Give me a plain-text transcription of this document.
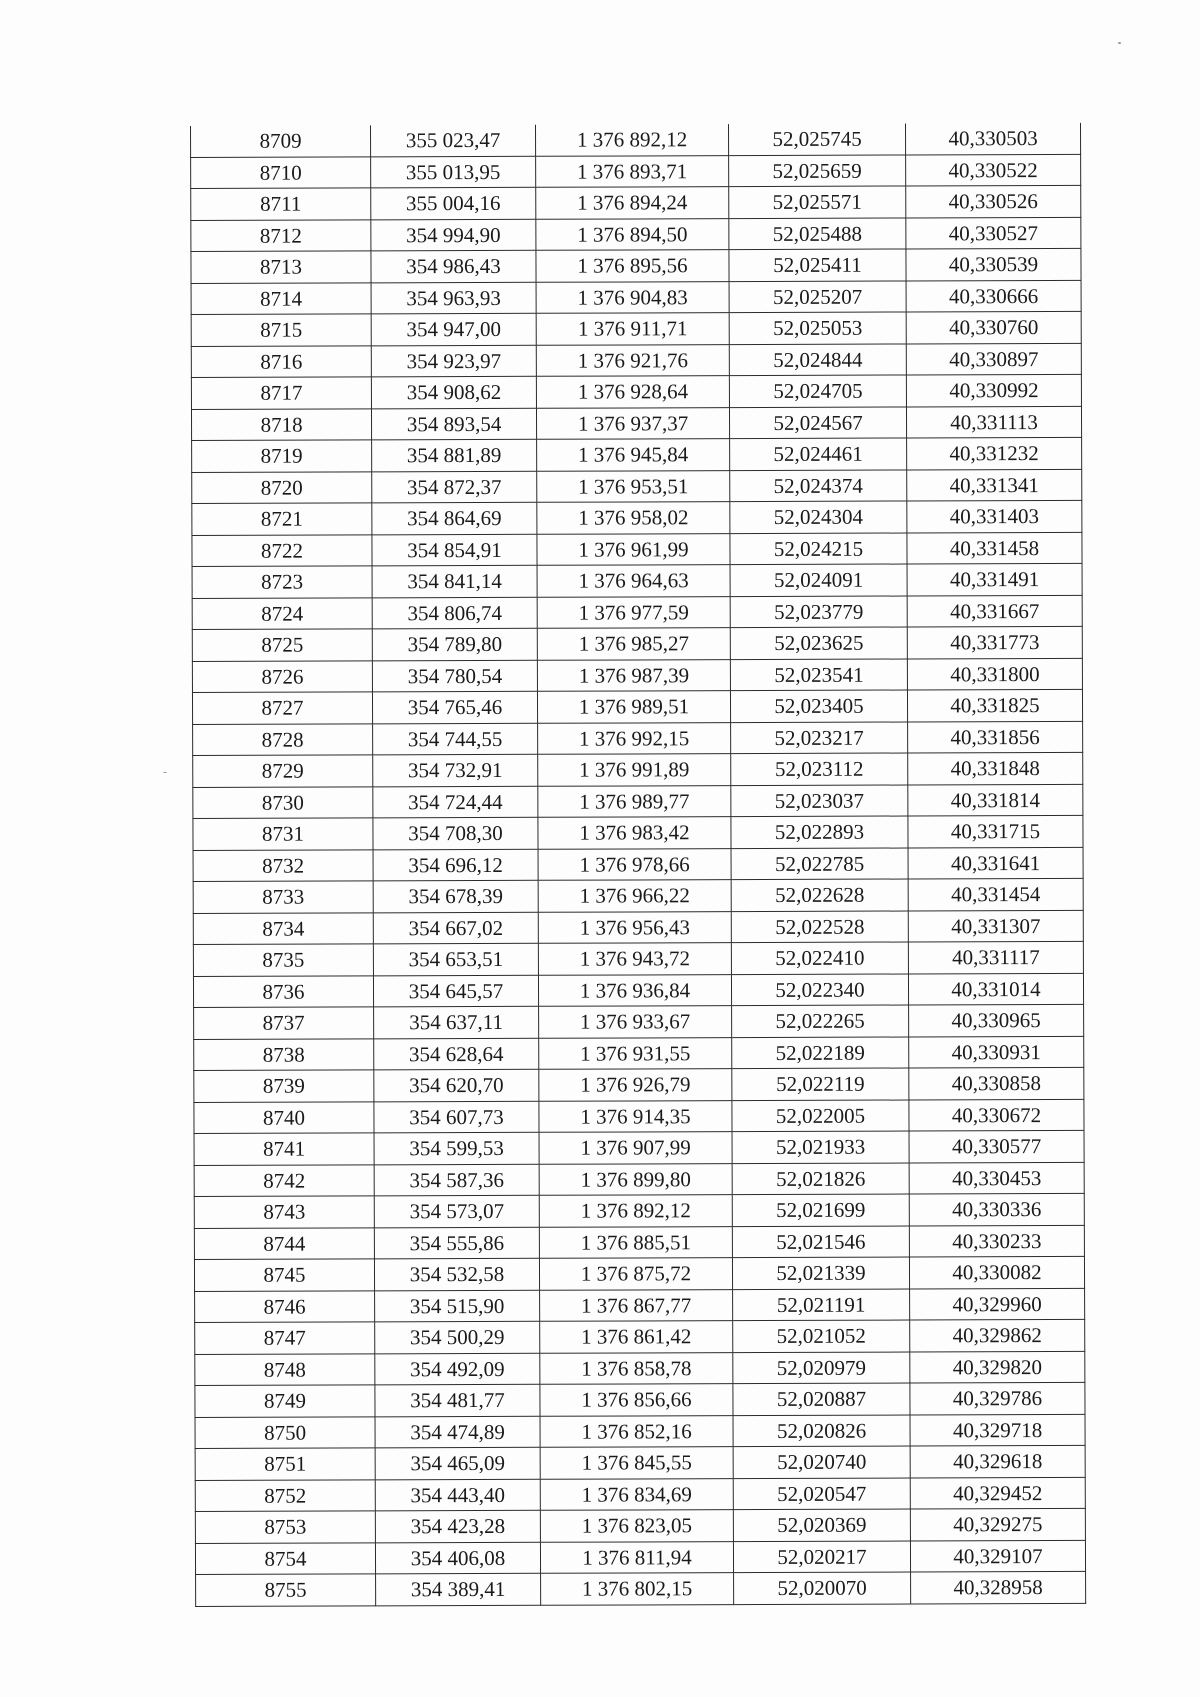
8709	355 023,47	1 376 892,12	52,025745	40,330503
8710	355 013,95	1 376 893,71	52,025659	40,330522
8711	355 004,16	1 376 894,24	52,025571	40,330526
8712	354 994,90	1 376 894,50	52,025488	40,330527
8713	354 986,43	1 376 895,56	52,025411	40,330539
8714	354 963,93	1 376 904,83	52,025207	40,330666
8715	354 947,00	1 376 911,71	52,025053	40,330760
8716	354 923,97	1 376 921,76	52,024844	40,330897
8717	354 908,62	1 376 928,64	52,024705	40,330992
8718	354 893,54	1 376 937,37	52,024567	40,331113
8719	354 881,89	1 376 945,84	52,024461	40,331232
8720	354 872,37	1 376 953,51	52,024374	40,331341
8721	354 864,69	1 376 958,02	52,024304	40,331403
8722	354 854,91	1 376 961,99	52,024215	40,331458
8723	354 841,14	1 376 964,63	52,024091	40,331491
8724	354 806,74	1 376 977,59	52,023779	40,331667
8725	354 789,80	1 376 985,27	52,023625	40,331773
8726	354 780,54	1 376 987,39	52,023541	40,331800
8727	354 765,46	1 376 989,51	52,023405	40,331825
8728	354 744,55	1 376 992,15	52,023217	40,331856
8729	354 732,91	1 376 991,89	52,023112	40,331848
8730	354 724,44	1 376 989,77	52,023037	40,331814
8731	354 708,30	1 376 983,42	52,022893	40,331715
8732	354 696,12	1 376 978,66	52,022785	40,331641
8733	354 678,39	1 376 966,22	52,022628	40,331454
8734	354 667,02	1 376 956,43	52,022528	40,331307
8735	354 653,51	1 376 943,72	52,022410	40,331117
8736	354 645,57	1 376 936,84	52,022340	40,331014
8737	354 637,11	1 376 933,67	52,022265	40,330965
8738	354 628,64	1 376 931,55	52,022189	40,330931
8739	354 620,70	1 376 926,79	52,022119	40,330858
8740	354 607,73	1 376 914,35	52,022005	40,330672
8741	354 599,53	1 376 907,99	52,021933	40,330577
8742	354 587,36	1 376 899,80	52,021826	40,330453
8743	354 573,07	1 376 892,12	52,021699	40,330336
8744	354 555,86	1 376 885,51	52,021546	40,330233
8745	354 532,58	1 376 875,72	52,021339	40,330082
8746	354 515,90	1 376 867,77	52,021191	40,329960
8747	354 500,29	1 376 861,42	52,021052	40,329862
8748	354 492,09	1 376 858,78	52,020979	40,329820
8749	354 481,77	1 376 856,66	52,020887	40,329786
8750	354 474,89	1 376 852,16	52,020826	40,329718
8751	354 465,09	1 376 845,55	52,020740	40,329618
8752	354 443,40	1 376 834,69	52,020547	40,329452
8753	354 423,28	1 376 823,05	52,020369	40,329275
8754	354 406,08	1 376 811,94	52,020217	40,329107
8755	354 389,41	1 376 802,15	52,020070	40,328958
